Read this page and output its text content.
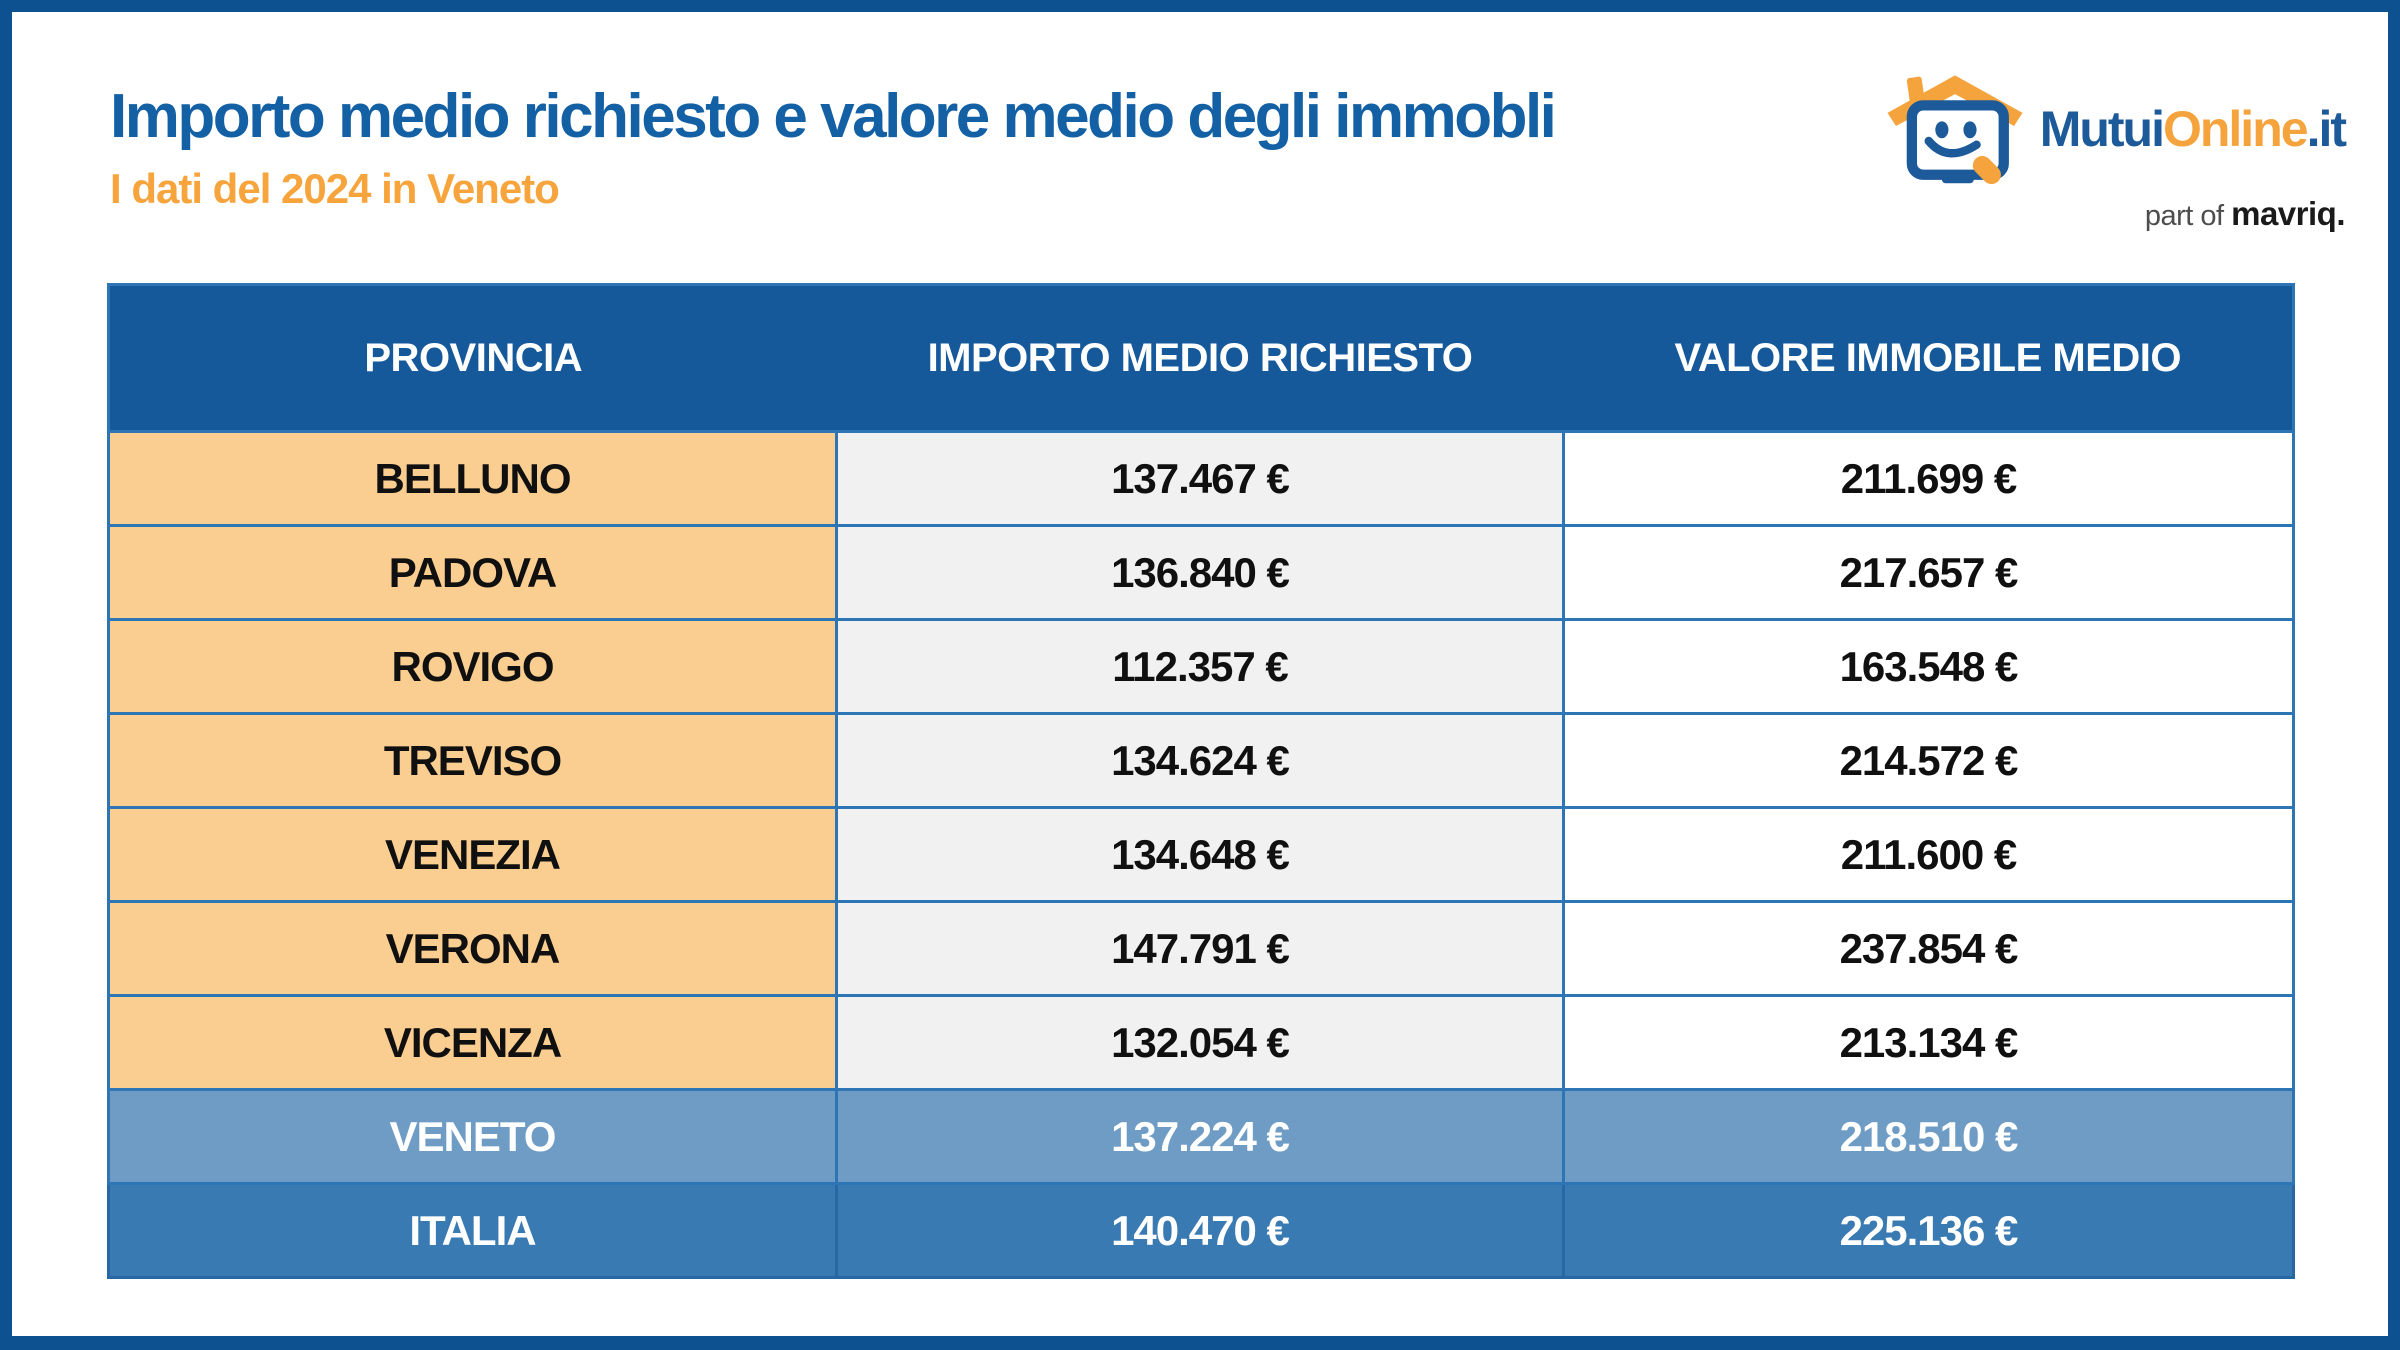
Importo medio richiesto e valore medio degli immobli
I dati del 2024 in Veneto
MutuiOnline.it
part of mavriq.
PROVINCIA	IMPORTO MEDIO RICHIESTO	VALORE IMMOBILE MEDIO
BELLUNO	137.467 €	211.699 €
PADOVA	136.840 €	217.657 €
ROVIGO	112.357 €	163.548 €
TREVISO	134.624 €	214.572 €
VENEZIA	134.648 €	211.600 €
VERONA	147.791 €	237.854 €
VICENZA	132.054 €	213.134 €
VENETO	137.224 €	218.510 €
ITALIA	140.470 €	225.136 €
